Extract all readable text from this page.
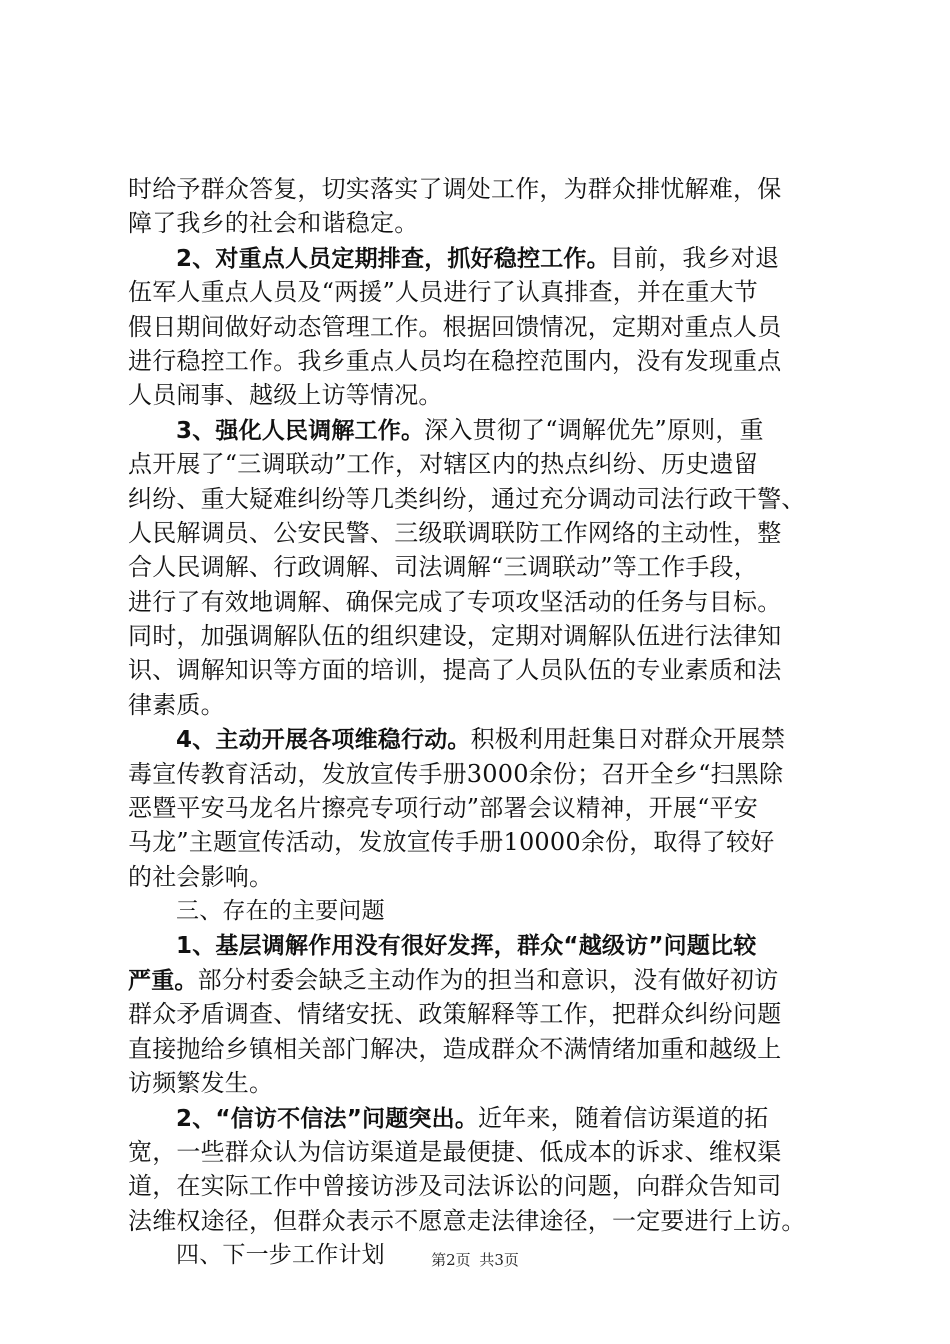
时给予群众答复，切实落实了调处工作，为群众排忧解难，保
障了我乡的社会和谐稳定。
2、对重点人员定期排查，抓好稳控工作。目前，我乡对退
伍军人重点人员及“两援”人员进行了认真排查，并在重大节
假日期间做好动态管理工作。根据回馈情况，定期对重点人员
进行稳控工作。我乡重点人员均在稳控范围内，没有发现重点
人员闹事、越级上访等情况。
3、强化人民调解工作。深入贯彻了“调解优先”原则，重
点开展了“三调联动”工作，对辖区内的热点纠纷、历史遗留
纠纷、重大疑难纠纷等几类纠纷，通过充分调动司法行政干警、
人民解调员、公安民警、三级联调联防工作网络的主动性，整
合人民调解、行政调解、司法调解“三调联动”等工作手段，
进行了有效地调解、确保完成了专项攻坚活动的任务与目标。
同时，加强调解队伍的组织建设，定期对调解队伍进行法律知
识、调解知识等方面的培训，提高了人员队伍的专业素质和法
律素质。
4、主动开展各项维稳行动。积极利用赶集日对群众开展禁
毒宣传教育活动，发放宣传手册3000余份；召开全乡“扫黑除
恶暨平安马龙名片擦亮专项行动”部署会议精神，开展“平安
马龙”主题宣传活动，发放宣传手册10000余份，取得了较好
的社会影响。
三、存在的主要问题
1、基层调解作用没有很好发挥，群众“越级访”问题比较
严重。部分村委会缺乏主动作为的担当和意识，没有做好初访
群众矛盾调查、情绪安抚、政策解释等工作，把群众纠纷问题
直接抛给乡镇相关部门解决，造成群众不满情绪加重和越级上
访频繁发生。
2、“信访不信法”问题突出。近年来，随着信访渠道的拓
宽，一些群众认为信访渠道是最便捷、低成本的诉求、维权渠
道，在实际工作中曾接访涉及司法诉讼的问题，向群众告知司
法维权途径，但群众表示不愿意走法律途径，一定要进行上访。
四、下一步工作计划	第2页 共3页
